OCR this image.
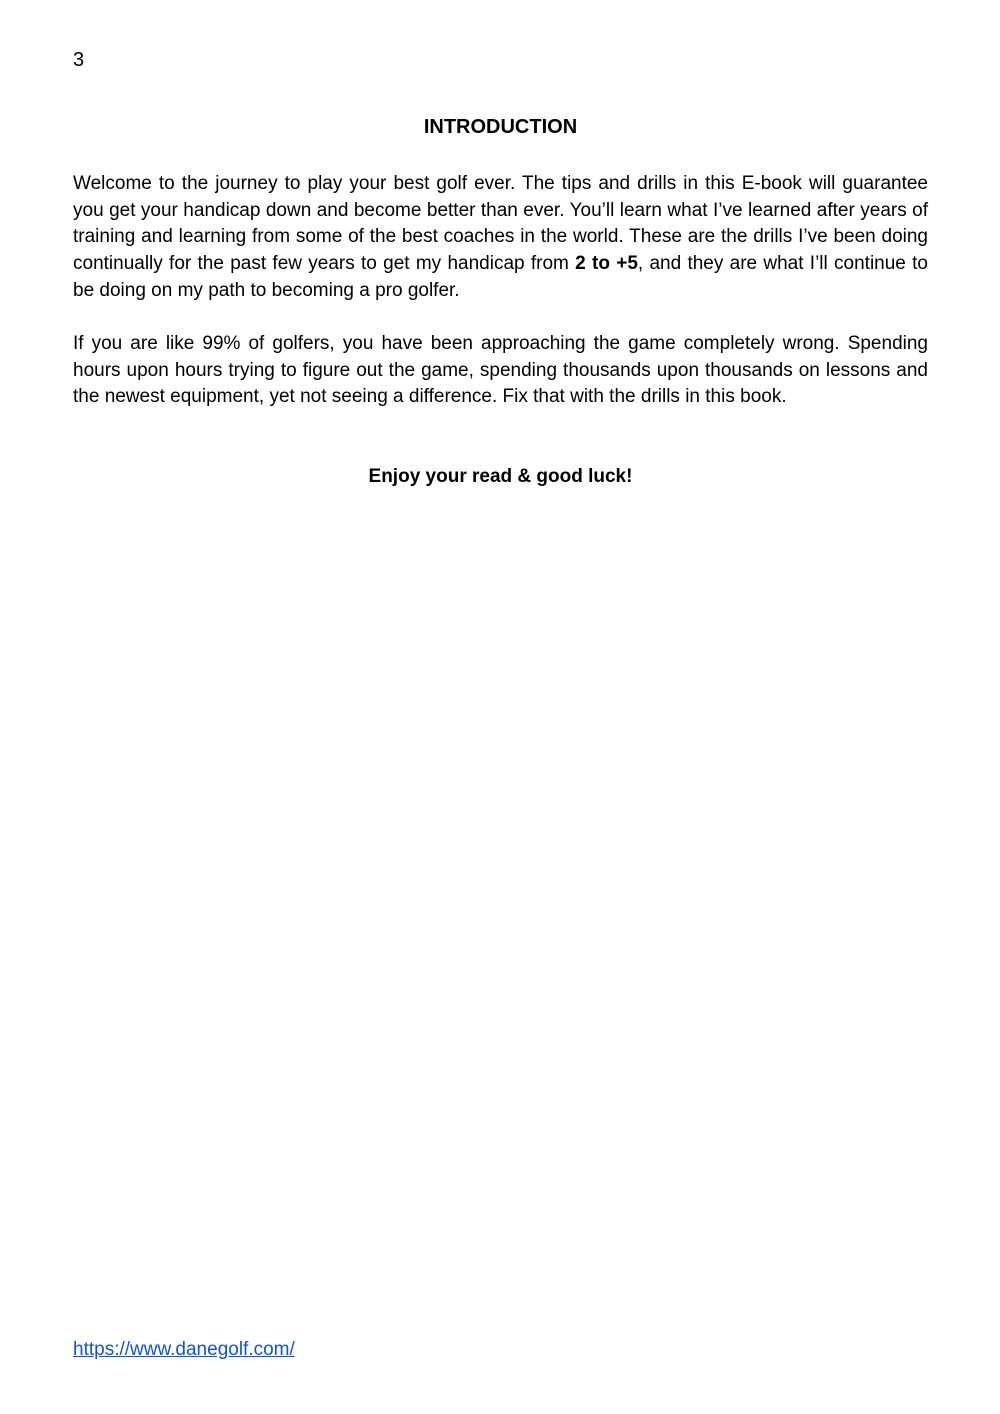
3
INTRODUCTION

Welcome to the journey to play your best golf ever. The tips and drills in this E-book will guarantee you get your handicap down and become better than ever. You’ll learn what I’ve learned after years of training and learning from some of the best coaches in the world. These are the drills I’ve been doing continually for the past few years to get my handicap from 2 to +5, and they are what I’ll continue to be doing on my path to becoming a pro golfer.

If you are like 99% of golfers, you have been approaching the game completely wrong. Spending hours upon hours trying to figure out the game, spending thousands upon thousands on lessons and the newest equipment, yet not seeing a difference. Fix that with the drills in this book.

Enjoy your read & good luck!
https://www.danegolf.com/
